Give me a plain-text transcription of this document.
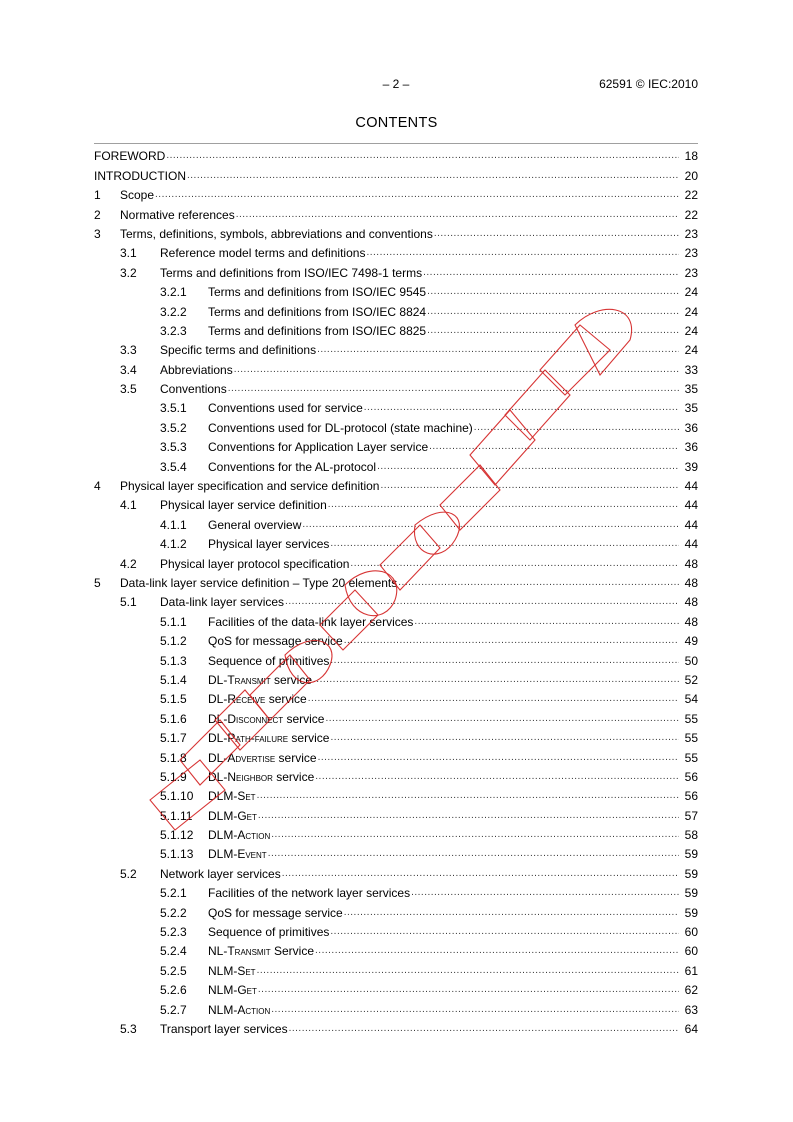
– 2 –	62591 © IEC:2010
CONTENTS
FOREWORD .....	18
INTRODUCTION .....	20
1	Scope .....	22
2	Normative references .....	22
3	Terms, definitions, symbols, abbreviations and conventions .....	23
3.1	Reference model terms and definitions .....	23
3.2	Terms and definitions from ISO/IEC 7498-1 terms .....	23
3.2.1	Terms and definitions from ISO/IEC 9545 .....	24
3.2.2	Terms and definitions from ISO/IEC 8824 .....	24
3.2.3	Terms and definitions from ISO/IEC 8825 .....	24
3.3	Specific terms and definitions .....	24
3.4	Abbreviations .....	33
3.5	Conventions .....	35
3.5.1	Conventions used for service .....	35
3.5.2	Conventions used for DL-protocol (state machine) .....	36
3.5.3	Conventions for Application Layer service .....	36
3.5.4	Conventions for the AL-protocol .....	39
4	Physical layer specification and service definition .....	44
4.1	Physical layer service definition .....	44
4.1.1	General overview .....	44
4.1.2	Physical layer services .....	44
4.2	Physical layer protocol specification .....	48
5	Data-link layer service definition – Type 20 elements .....	48
5.1	Data-link layer services .....	48
5.1.1	Facilities of the data-link layer services .....	48
5.1.2	QoS for message service .....	49
5.1.3	Sequence of primitives .....	50
5.1.4	DL-Transmit service .....	52
5.1.5	DL-Receive service .....	54
5.1.6	DL-Disconnect service .....	55
5.1.7	DL-Path-failure service .....	55
5.1.8	DL-Advertise service .....	55
5.1.9	DL-Neighbor service .....	56
5.1.10	DLM-Set .....	56
5.1.11	DLM-Get .....	57
5.1.12	DLM-Action .....	58
5.1.13	DLM-Event .....	59
5.2	Network layer services .....	59
5.2.1	Facilities of the network layer services .....	59
5.2.2	QoS for message service .....	59
5.2.3	Sequence of primitives .....	60
5.2.4	NL-Transmit Service .....	60
5.2.5	NLM-Set .....	61
5.2.6	NLM-Get .....	62
5.2.7	NLM-Action .....	63
5.3	Transport layer services .....	64
